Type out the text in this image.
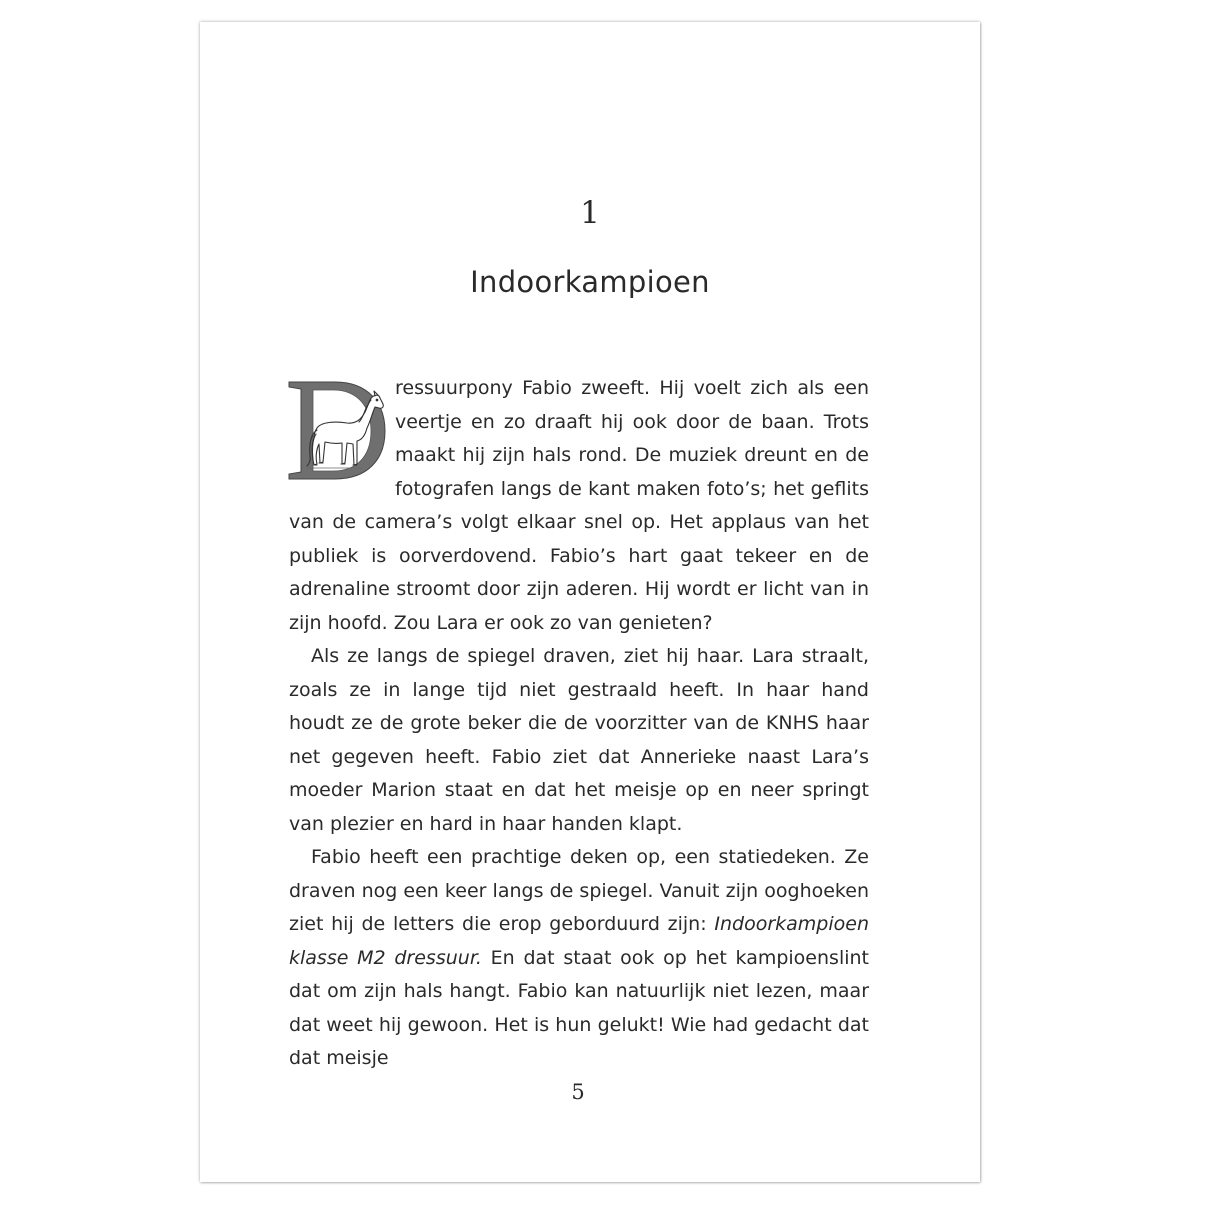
1
Indoorkampioen

ressuurpony Fabio zweeft. Hij voelt zich als een veertje en zo draaft hij ook door de baan. Trots maakt hij zijn hals rond. De muziek dreunt en de fotografen langs de kant maken foto’s; het geflits van de camera’s volgt elkaar snel op. Het applaus van het publiek is oorverdovend. Fabio’s hart gaat tekeer en de adrenaline stroomt door zijn aderen. Hij wordt er licht van in zijn hoofd. Zou Lara er ook zo van genieten?

Als ze langs de spiegel draven, ziet hij haar. Lara straalt, zoals ze in lange tijd niet gestraald heeft. In haar hand houdt ze de grote beker die de voorzitter van de KNHS haar net gegeven heeft. Fabio ziet dat Annerieke naast Lara’s moeder Marion staat en dat het meisje op en neer springt van plezier en hard in haar handen klapt.

Fabio heeft een prachtige deken op, een statiedeken. Ze draven nog een keer langs de spiegel. Vanuit zijn ooghoeken ziet hij de letters die erop geborduurd zijn: Indoorkampioen klasse M2 dressuur. En dat staat ook op het kampioenslint dat om zijn hals hangt. Fabio kan natuurlijk niet lezen, maar dat weet hij gewoon. Het is hun gelukt! Wie had gedacht dat dat meisje

5
